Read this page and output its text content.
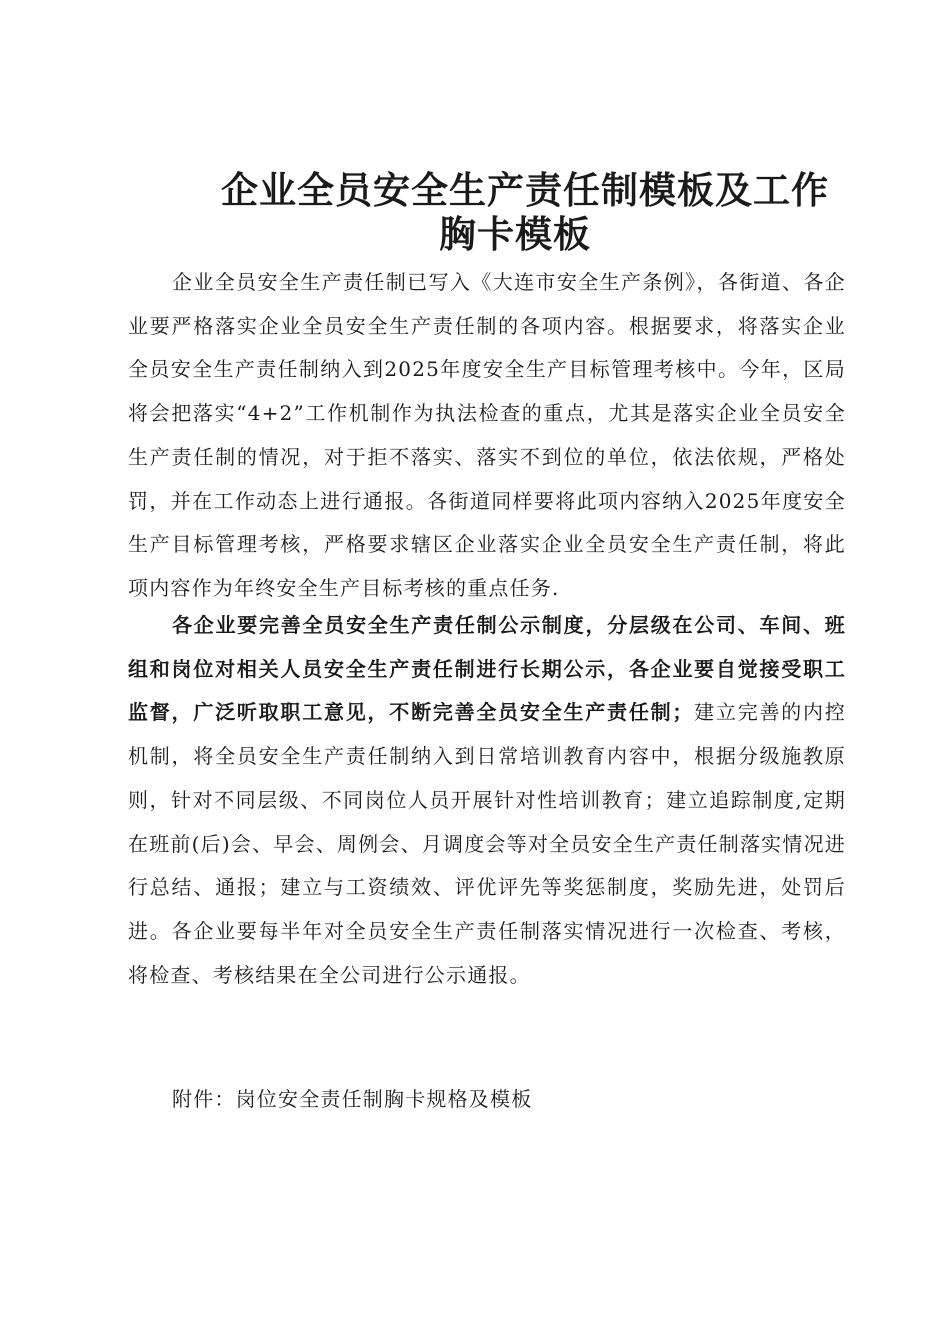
企业全员安全生产责任制模板及工作
胸卡模板

企业全员安全生产责任制已写入《大连市安全生产条例》，各街道、各企业要严格落实企业全员安全生产责任制的各项内容。根据要求，将落实企业全员安全生产责任制纳入到2025年度安全生产目标管理考核中。今年，区局将会把落实“4+2”工作机制作为执法检查的重点，尤其是落实企业全员安全生产责任制的情况，对于拒不落实、落实不到位的单位，依法依规，严格处罚，并在工作动态上进行通报。各街道同样要将此项内容纳入2025年度安全生产目标管理考核，严格要求辖区企业落实企业全员安全生产责任制，将此项内容作为年终安全生产目标考核的重点任务.

各企业要完善全员安全生产责任制公示制度，分层级在公司、车间、班组和岗位对相关人员安全生产责任制进行长期公示，各企业要自觉接受职工监督，广泛听取职工意见，不断完善全员安全生产责任制；建立完善的内控机制，将全员安全生产责任制纳入到日常培训教育内容中，根据分级施教原则，针对不同层级、不同岗位人员开展针对性培训教育；建立追踪制度,定期在班前(后)会、早会、周例会、月调度会等对全员安全生产责任制落实情况进行总结、通报；建立与工资绩效、评优评先等奖惩制度，奖励先进，处罚后进。各企业要每半年对全员安全生产责任制落实情况进行一次检查、考核，将检查、考核结果在全公司进行公示通报。

附件：岗位安全责任制胸卡规格及模板
